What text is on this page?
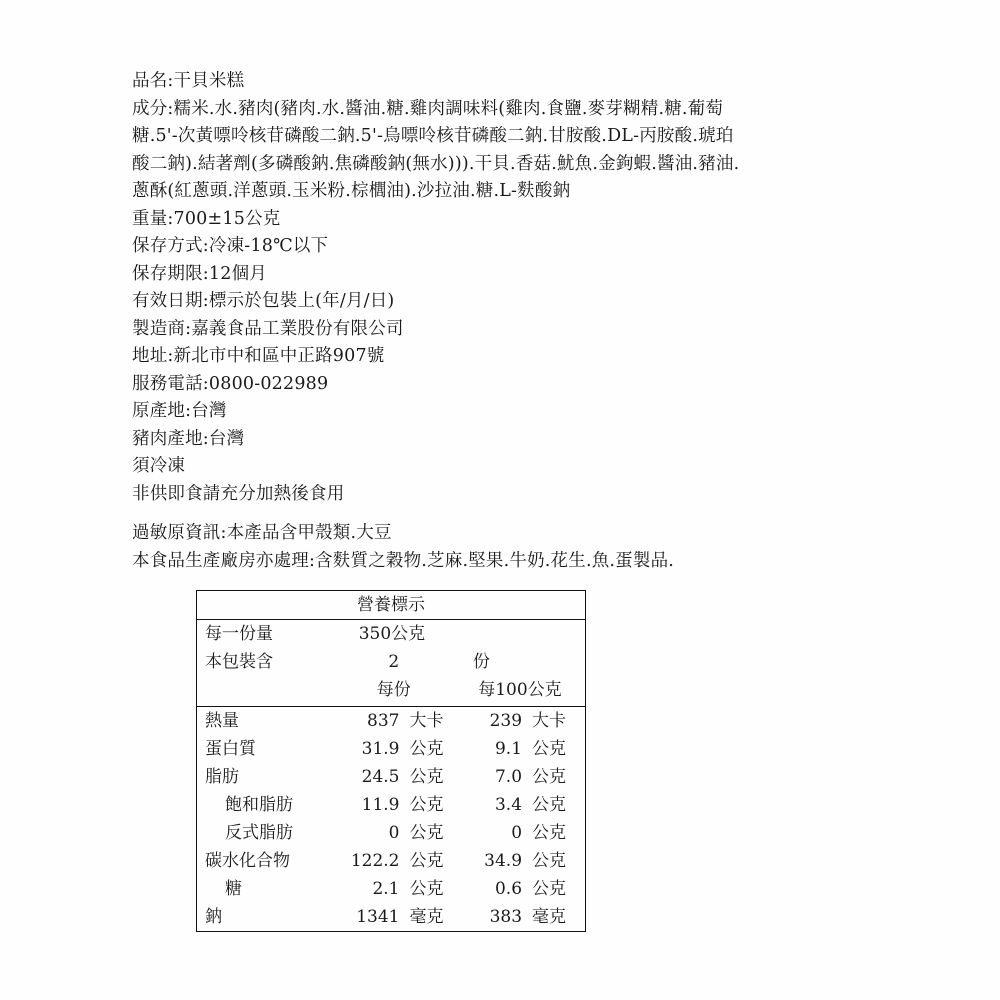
品名:干貝米糕
成分:糯米.水.豬肉(豬肉.水.醬油.糖.雞肉調味料(雞肉.食鹽.麥芽糊精.糖.葡萄
糖.5'-次黃嘌呤核苷磷酸二鈉.5'-烏嘌呤核苷磷酸二鈉.甘胺酸.DL-丙胺酸.琥珀
酸二鈉).結著劑(多磷酸鈉.焦磷酸鈉(無水))).干貝.香菇.魷魚.金鉤蝦.醬油.豬油.
蔥酥(紅蔥頭.洋蔥頭.玉米粉.棕櫚油).沙拉油.糖.L-麩酸鈉
重量:700±15公克
保存方式:冷凍-18℃以下
保存期限:12個月
有效日期:標示於包裝上(年/月/日)
製造商:嘉義食品工業股份有限公司
地址:新北市中和區中正路907號
服務電話:0800-022989
原產地:台灣
豬肉產地:台灣
須冷凍
非供即食請充分加熱後食用
過敏原資訊:本產品含甲殼類.大豆
本食品生產廠房亦處理:含麩質之穀物.芝麻.堅果.牛奶.花生.魚.蛋製品.
營養標示				
每一份量	350公克			
本包裝含	2		份	
	每份		每100公克	

熱量	837	大卡	239	大卡
蛋白質	31.9	公克	9.1	公克
脂肪	24.5	公克	7.0	公克
飽和脂肪	11.9	公克	3.4	公克
反式脂肪	0	公克	0	公克
碳水化合物	122.2	公克	34.9	公克
糖	2.1	公克	0.6	公克
鈉	1341	毫克	383	毫克
